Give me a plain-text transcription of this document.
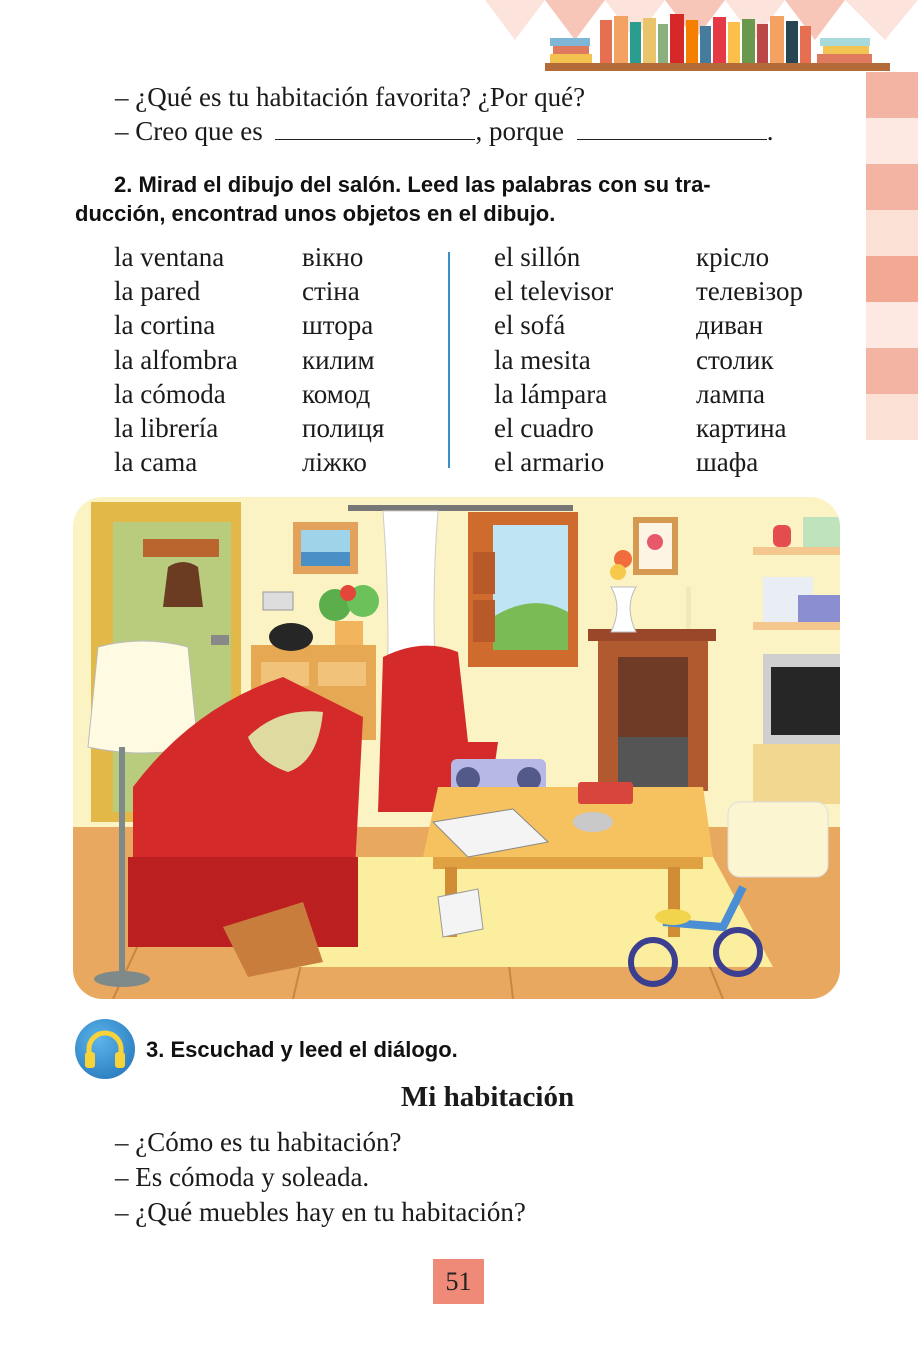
– ¿Qué es tu habitación favorita? ¿Por qué?
– Creo que es	, porque	.
2. Mirad el dibujo del salón. Leed las palabras con su tra-
ducción, encontrad unos objetos en el dibujo.
la ventana
la pared
la cortina
la alfombra
la cómoda
la librería
la cama
вікно
стіна
штора
килим
комод
полиця
ліжко
el sillón
el televisor
el sofá
la mesita
la lámpara
el cuadro
el armario
крісло
телевізор
диван
столик
лампа
картина
шафа
3. Escuchad y leed el diálogo.
Mi habitación
– ¿Cómo es tu habitación?
– Es cómoda y soleada.
– ¿Qué muebles hay en tu habitación?
51
